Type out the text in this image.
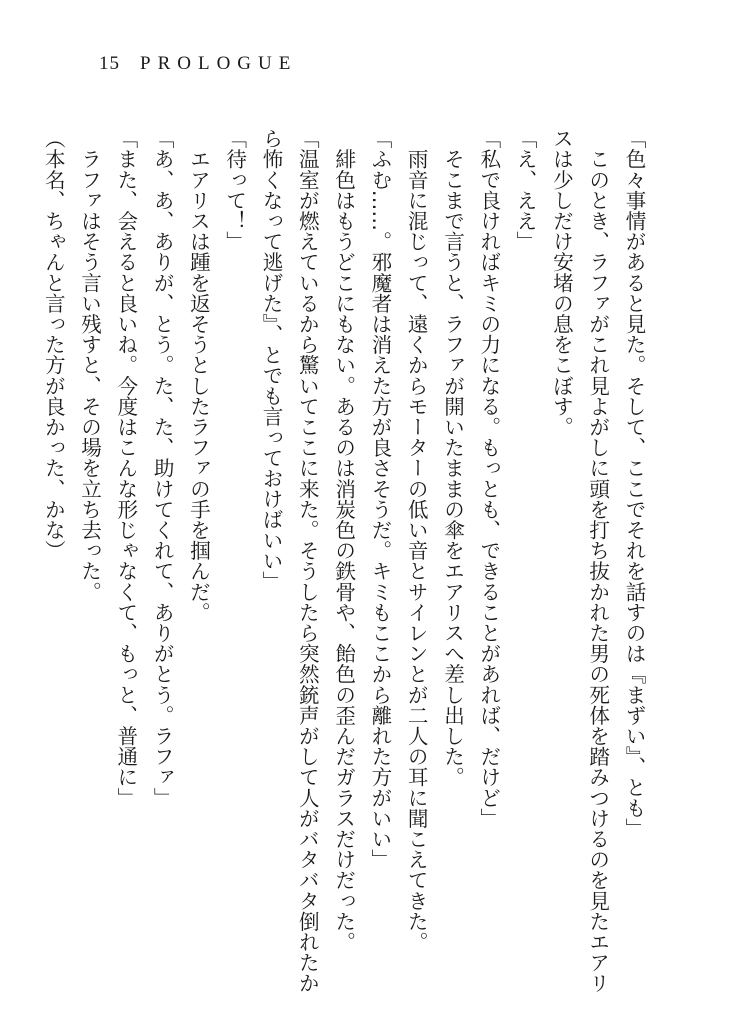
15 PROLOGUE

「色々事情があると見た。そして、ここでそれを話すのは『まずい』、とも」

　このとき、ラファがこれ見よがしに頭を打ち抜かれた男の死体を踏みつけるのを見たエアリ

スは少しだけ安堵の息をこぼす。

「え、ええ」

「私で良ければキミの力になる。もっとも、できることがあれば、だけど」

　そこまで言うと、ラファが開いたままの傘をエアリスへ差し出した。

　雨音に混じって、遠くからモーターの低い音とサイレンとが二人の耳に聞こえてきた。

「ふむ……。邪魔者は消えた方が良さそうだ。キミもここから離れた方がいい」

　緋色はもうどこにもない。あるのは消炭色の鉄骨や、飴色の歪んだガラスだけだった。

「温室が燃えているから驚いてここに来た。そうしたら突然銃声がして人がバタバタ倒れたか

ら怖くなって逃げた』、とでも言っておけばいい」

「待って！」

　エアリスは踵を返そうとしたラファの手を掴んだ。

「あ、あ、ありが、とう。た、た、助けてくれて、ありがとう。ラファ」

「また、会えると良いね。今度はこんな形じゃなくて、もっと、普通に」

　ラファはそう言い残すと、その場を立ち去った。

（本名、ちゃんと言った方が良かった、かな）
